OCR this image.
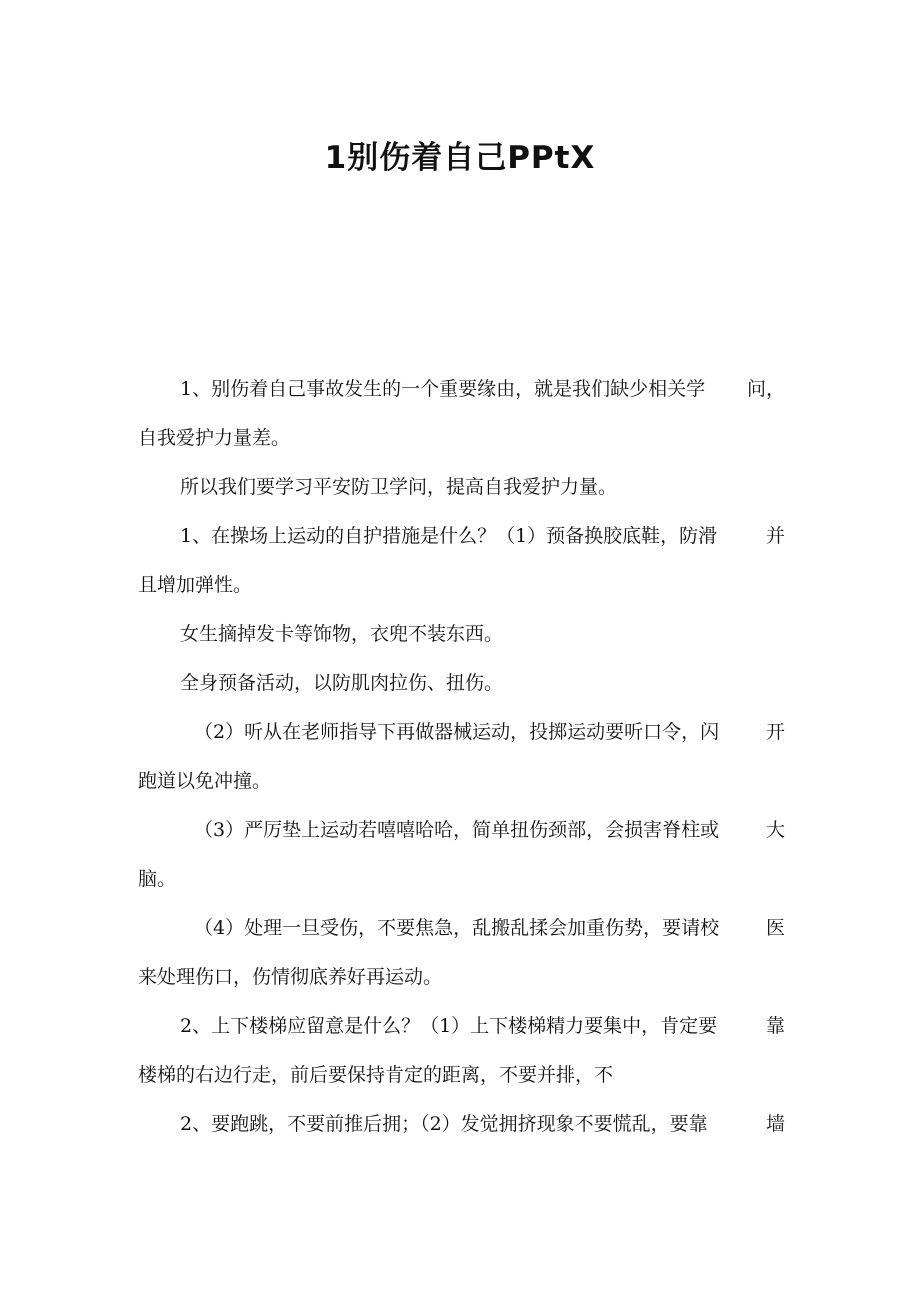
1别伤着自己PPtX
1、别伤着自己事故发生的一个重要缘由，就是我们缺少相关学 问，
自我爱护力量差。
所以我们要学习平安防卫学问，提高自我爱护力量。
1、在操场上运动的自护措施是什么？（1）预备换胶底鞋，防滑	并
且增加弹性。
女生摘掉发卡等饰物，衣兜不装东西。
全身预备活动，以防肌肉拉伤、扭伤。
（2）听从在老师指导下再做器械运动，投掷运动要听口令，闪 开
跑道以免冲撞。
（3）严厉垫上运动若嘻嘻哈哈，简单扭伤颈部，会损害脊柱或 大
脑。
（4）处理一旦受伤，不要焦急，乱搬乱揉会加重伤势，要请校 医
来处理伤口，伤情彻底养好再运动。
2、上下楼梯应留意是什么？（1）上下楼梯精力要集中，肯定要	靠
楼梯的右边行走，前后要保持肯定的距离，不要并排，不
2、要跑跳，不要前推后拥；（2）发觉拥挤现象不要慌乱，要靠	墙
